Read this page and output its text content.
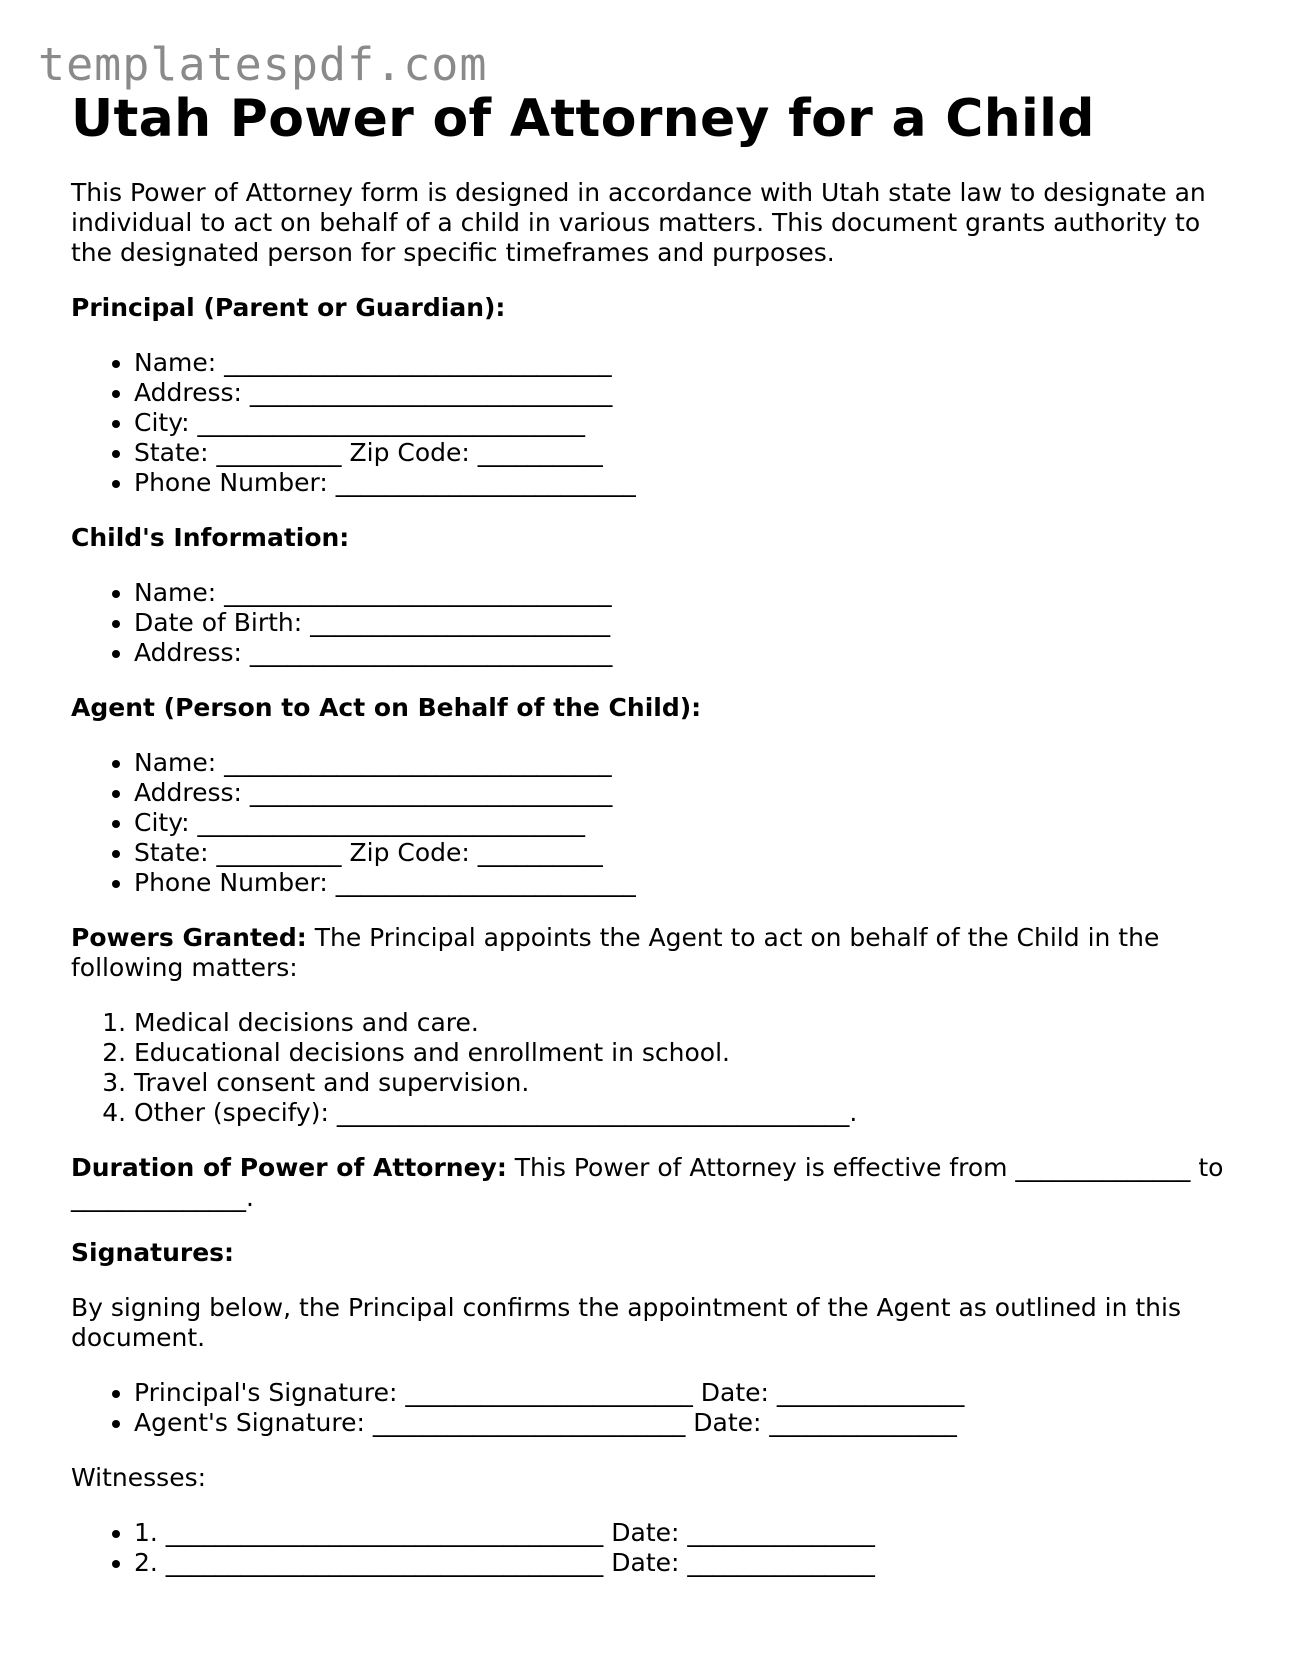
templatespdf.com
Utah Power of Attorney for a Child

This Power of Attorney form is designed in accordance with Utah state law to designate an individual to act on behalf of a child in various matters. This document grants authority to the designated person for specific timeframes and purposes.

Principal (Parent or Guardian):

• Name: _______________________________
• Address: _____________________________
• City: _______________________________
• State: __________ Zip Code: __________
• Phone Number: ________________________

Child's Information:

• Name: _______________________________
• Date of Birth: ________________________
• Address: _____________________________

Agent (Person to Act on Behalf of the Child):

• Name: _______________________________
• Address: _____________________________
• City: _______________________________
• State: __________ Zip Code: __________
• Phone Number: ________________________

Powers Granted: The Principal appoints the Agent to act on behalf of the Child in the following matters:

1. Medical decisions and care.
2. Educational decisions and enrollment in school.
3. Travel consent and supervision.
4. Other (specify): _________________________________________.

Duration of Power of Attorney: This Power of Attorney is effective from ______________ to ______________.

Signatures:

By signing below, the Principal confirms the appointment of the Agent as outlined in this document.

• Principal's Signature: _______________________ Date: _______________
• Agent's Signature: _________________________ Date: _______________

Witnesses:

• 1. ___________________________________ Date: _______________
• 2. ___________________________________ Date: _______________
